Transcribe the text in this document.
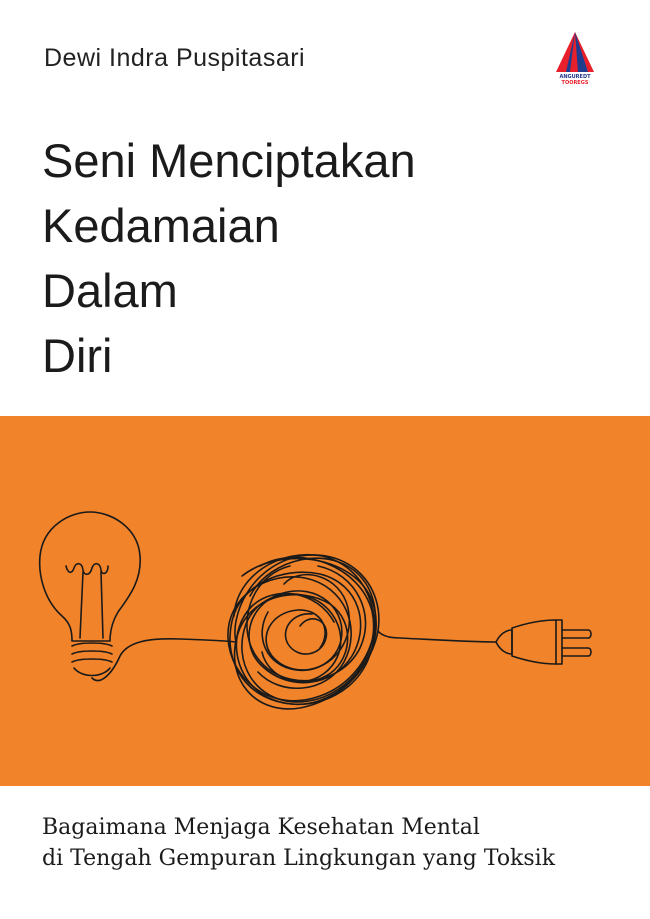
Dewi Indra Puspitasari
ANGUREDT
TOOREGS
Seni Menciptakan
Kedamaian
Dalam
Diri
Bagaimana Menjaga Kesehatan Mental
di Tengah Gempuran Lingkungan yang Toksik
